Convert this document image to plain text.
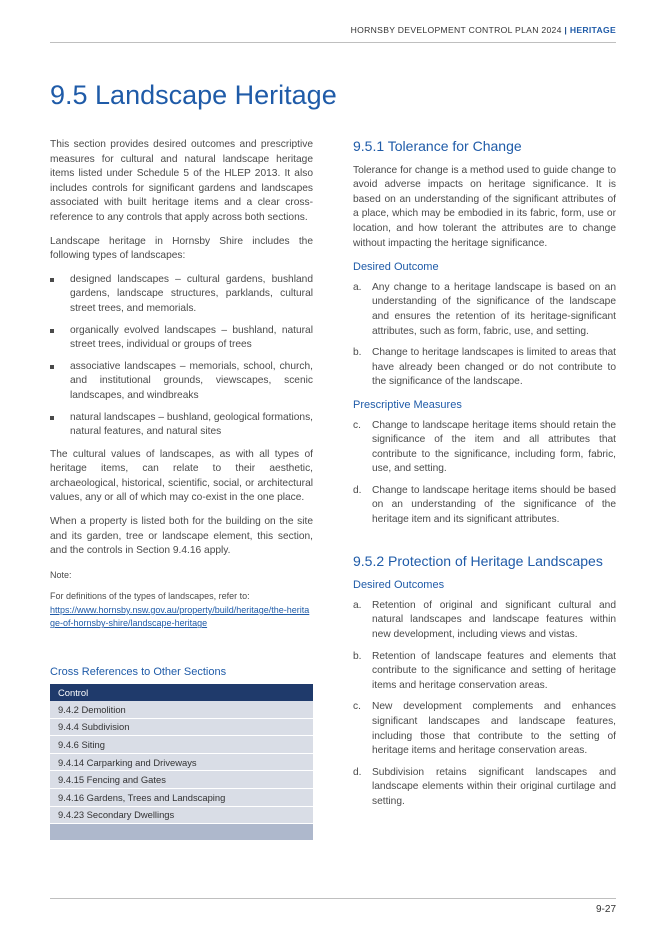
HORNSBY DEVELOPMENT CONTROL PLAN 2024 | HERITAGE
9.5 Landscape Heritage

This section provides desired outcomes and prescriptive measures for cultural and natural landscape heritage items listed under Schedule 5 of the HLEP 2013. It also includes controls for significant gardens and landscapes associated with built heritage items and a clear cross-reference to any controls that apply across both sections.

Landscape heritage in Hornsby Shire includes the following types of landscapes:

designed landscapes – cultural gardens, bushland gardens, landscape structures, parklands, cultural street trees, and memorials.
organically evolved landscapes – bushland, natural street trees, individual or groups of trees
associative landscapes – memorials, school, church, and institutional grounds, viewscapes, scenic landscapes, and windbreaks
natural landscapes – bushland, geological formations, natural features, and natural sites

The cultural values of landscapes, as with all types of heritage items, can relate to their aesthetic, archaeological, historical, scientific, social, or architectural values, any or all of which may co-exist in the one place.

When a property is listed both for the building on the site and its garden, tree or landscape element, this section, and the controls in Section 9.4.16 apply.

Note:

For definitions of the types of landscapes, refer to:

https://www.hornsby.nsw.gov.au/property/build/heritage/the-heritage-of-hornsby-shire/landscape-heritage
Cross References to Other Sections
Control
9.4.2 Demolition
9.4.4 Subdivision
9.4.6 Siting
9.4.14 Carparking and Driveways
9.4.15 Fencing and Gates
9.4.16 Gardens, Trees and Landscaping
9.4.23 Secondary Dwellings

9.5.1 Tolerance for Change

Tolerance for change is a method used to guide change to avoid adverse impacts on heritage significance. It is based on an understanding of the significant attributes of a place, which may be embodied in its fabric, form, use or location, and how tolerant the attributes are to change without impacting the heritage significance.

Desired Outcome
a. Any change to a heritage landscape is based on an understanding of the significance of the landscape and ensures the retention of its heritage-significant attributes, such as form, fabric, use, and setting.
b. Change to heritage landscapes is limited to areas that have already been changed or do not contribute to the significance of the landscape.
Prescriptive Measures
c. Change to landscape heritage items should retain the significance of the item and all attributes that contribute to the significance, including form, fabric, use, and setting.
d. Change to landscape heritage items should be based on an understanding of the significance of the heritage item and its significant attributes.
9.5.2 Protection of Heritage Landscapes
Desired Outcomes
a. Retention of original and significant cultural and natural landscapes and landscape features within new development, including views and vistas.
b. Retention of landscape features and elements that contribute to the significance and setting of heritage items and heritage conservation areas.
c. New development complements and enhances significant landscapes and landscape features, including those that contribute to the setting of heritage items and heritage conservation areas.
d. Subdivision retains significant landscapes and landscape elements within their original curtilage and setting.
9-27
